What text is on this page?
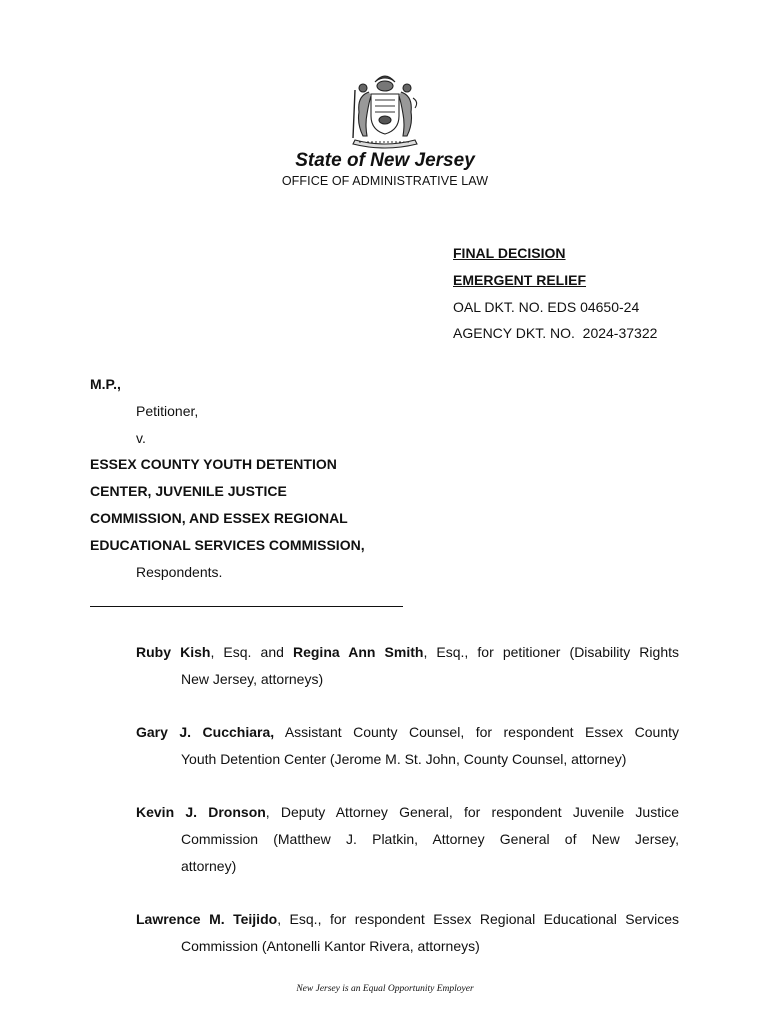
State of New Jersey
OFFICE OF ADMINISTRATIVE LAW
FINAL DECISION
EMERGENT RELIEF
OAL DKT. NO. EDS 04650-24
AGENCY DKT. NO.  2024-37322
M.P.,
Petitioner,
v.
ESSEX COUNTY YOUTH DETENTION
CENTER, JUVENILE JUSTICE
COMMISSION, AND ESSEX REGIONAL
EDUCATIONAL SERVICES COMMISSION,
Respondents.
Ruby Kish, Esq. and Regina Ann Smith, Esq., for petitioner (Disability Rights
New Jersey, attorneys)
Gary J. Cucchiara, Assistant County Counsel, for respondent Essex County
Youth Detention Center (Jerome M. St. John, County Counsel, attorney)
Kevin J. Dronson, Deputy Attorney General, for respondent Juvenile Justice
Commission (Matthew J. Platkin, Attorney General of New Jersey,
attorney)
Lawrence M. Teijido, Esq., for respondent Essex Regional Educational Services
Commission (Antonelli Kantor Rivera, attorneys)
New Jersey is an Equal Opportunity Employer
